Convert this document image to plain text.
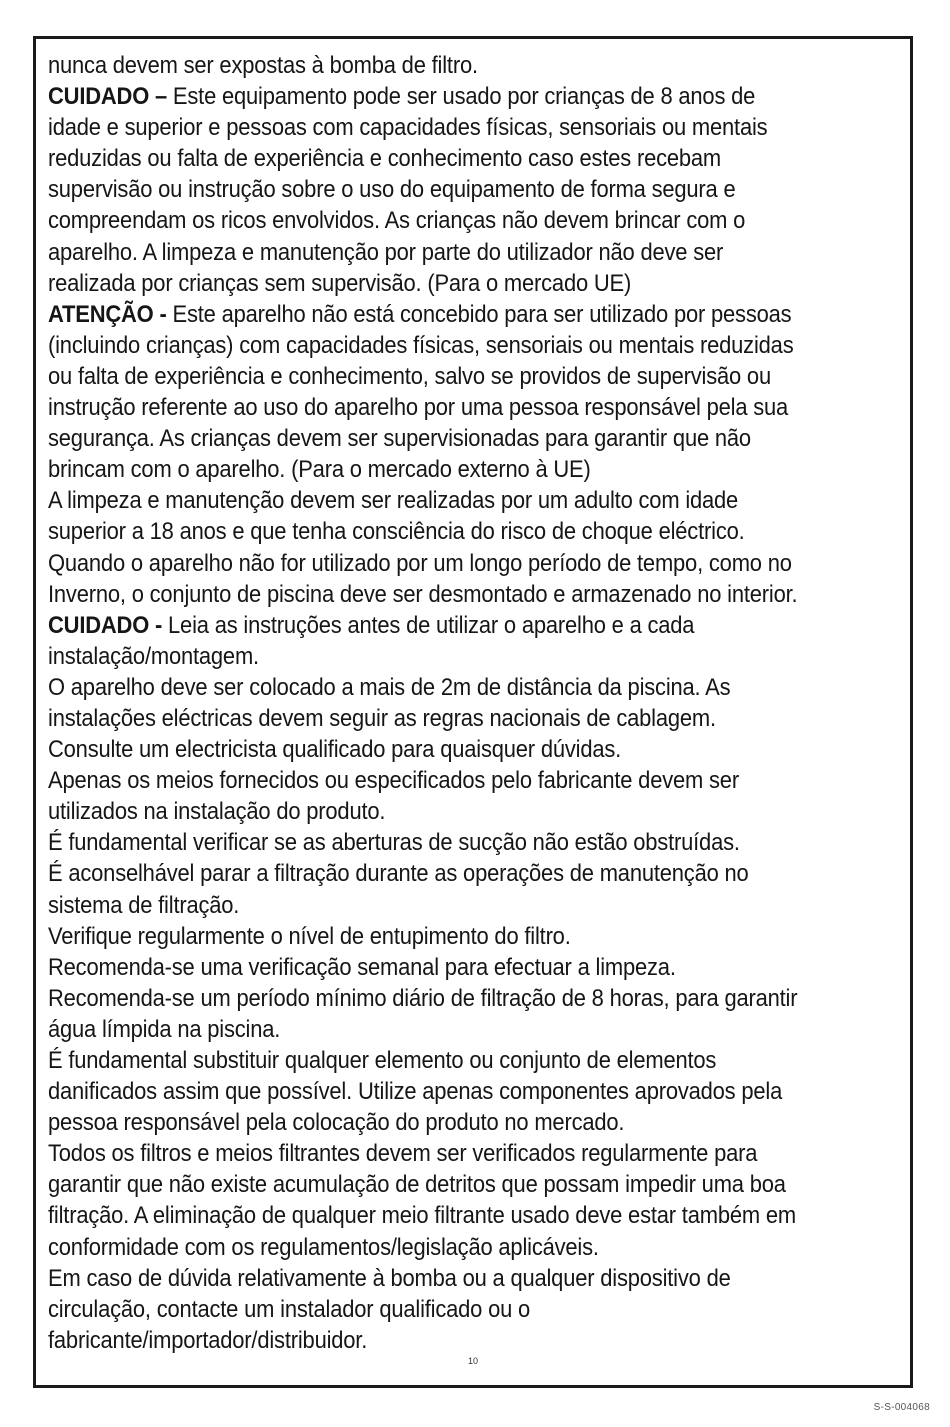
nunca devem ser expostas à bomba de filtro.
CUIDADO – Este equipamento pode ser usado por crianças de 8 anos de
idade e superior e pessoas com capacidades físicas, sensoriais ou mentais
reduzidas ou falta de experiência e conhecimento caso estes recebam
supervisão ou instrução sobre o uso do equipamento de forma segura e
compreendam os ricos envolvidos. As crianças não devem brincar com o
aparelho. A limpeza e manutenção por parte do utilizador não deve ser
realizada por crianças sem supervisão. (Para o mercado UE)
ATENÇÃO - Este aparelho não está concebido para ser utilizado por pessoas
(incluindo crianças) com capacidades físicas, sensoriais ou mentais reduzidas
ou falta de experiência e conhecimento, salvo se providos de supervisão ou
instrução referente ao uso do aparelho por uma pessoa responsável pela sua
segurança. As crianças devem ser supervisionadas para garantir que não
brincam com o aparelho. (Para o mercado externo à UE)
A limpeza e manutenção devem ser realizadas por um adulto com idade
superior a 18 anos e que tenha consciência do risco de choque eléctrico.
Quando o aparelho não for utilizado por um longo período de tempo, como no
Inverno, o conjunto de piscina deve ser desmontado e armazenado no interior.
CUIDADO - Leia as instruções antes de utilizar o aparelho e a cada
instalação/montagem.
O aparelho deve ser colocado a mais de 2m de distância da piscina. As
instalações eléctricas devem seguir as regras nacionais de cablagem.
Consulte um electricista qualificado para quaisquer dúvidas.
Apenas os meios fornecidos ou especificados pelo fabricante devem ser
utilizados na instalação do produto.
É fundamental verificar se as aberturas de sucção não estão obstruídas.
É aconselhável parar a filtração durante as operações de manutenção no
sistema de filtração.
Verifique regularmente o nível de entupimento do filtro.
Recomenda-se uma verificação semanal para efectuar a limpeza.
Recomenda-se um período mínimo diário de filtração de 8 horas, para garantir
água límpida na piscina.
É fundamental substituir qualquer elemento ou conjunto de elementos
danificados assim que possível. Utilize apenas componentes aprovados pela
pessoa responsável pela colocação do produto no mercado.
Todos os filtros e meios filtrantes devem ser verificados regularmente para
garantir que não existe acumulação de detritos que possam impedir uma boa
filtração. A eliminação de qualquer meio filtrante usado deve estar também em
conformidade com os regulamentos/legislação aplicáveis.
Em caso de dúvida relativamente à bomba ou a qualquer dispositivo de
circulação, contacte um instalador qualificado ou o
fabricante/importador/distribuidor.
10
S-S-004068
